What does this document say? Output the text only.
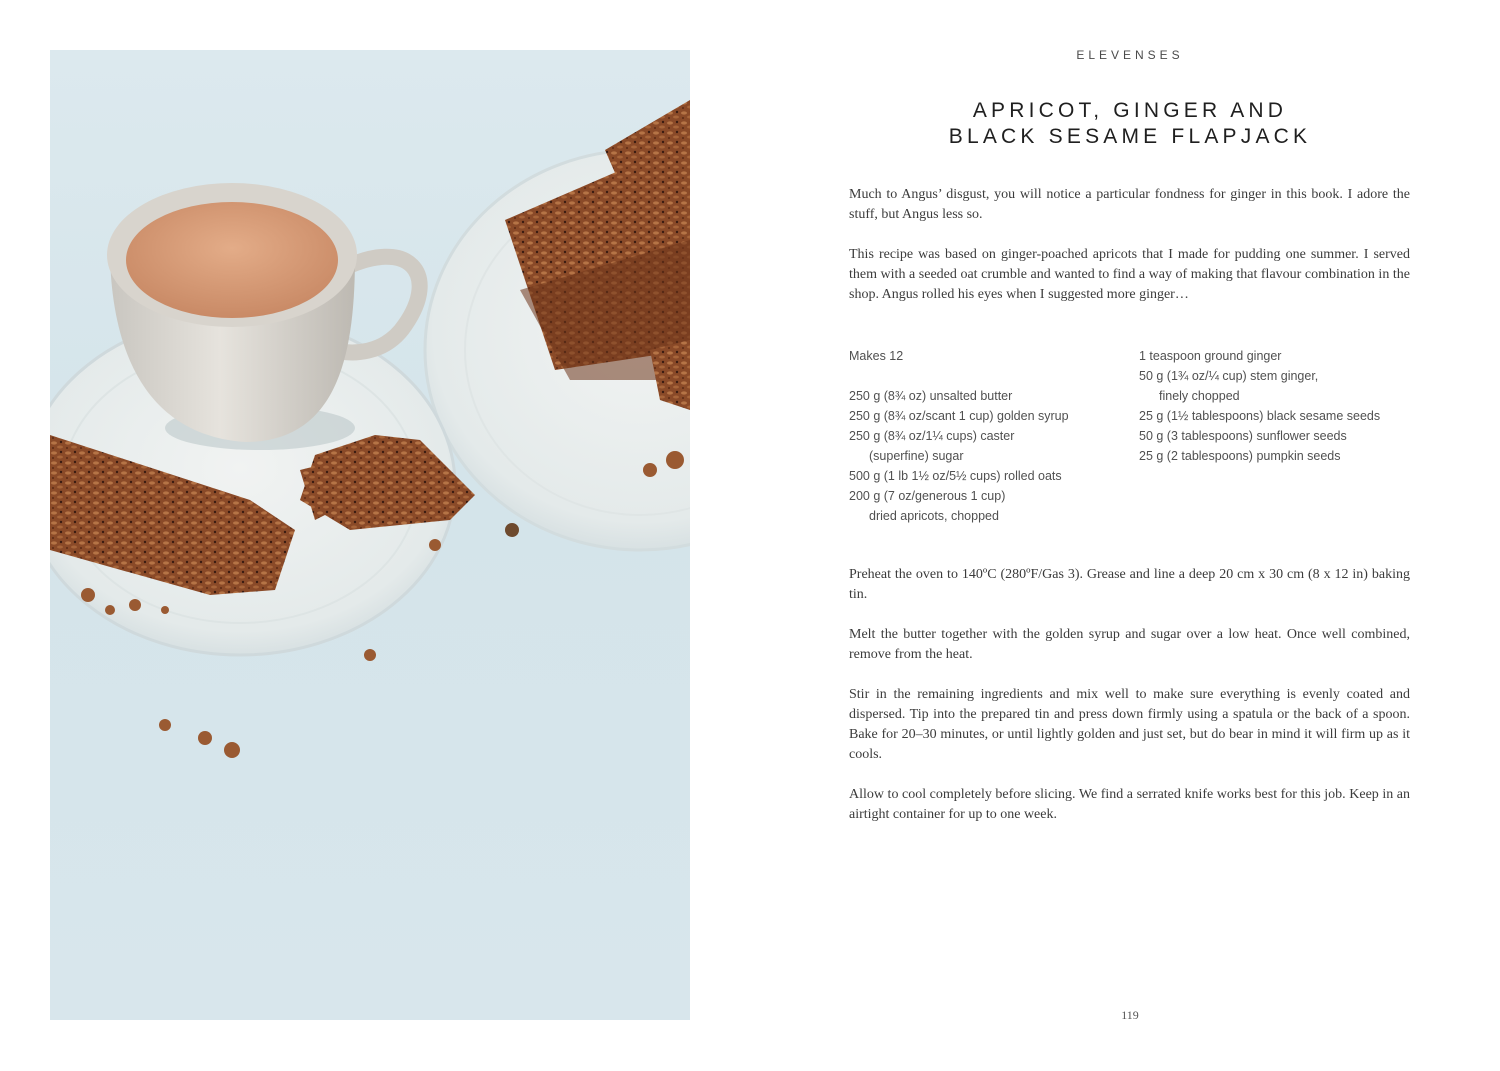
ELEVENSES
APRICOT, GINGER AND
BLACK SESAME FLAPJACK

Much to Angus’ disgust, you will notice a particular fondness for ginger in this book. I adore the stuff, but Angus less so.

This recipe was based on ginger-poached apricots that I made for pudding one summer. I served them with a seeded oat crumble and wanted to find a way of making that flavour combination in the shop. Angus rolled his eyes when I suggested more ginger…

Makes 12
250 g (8¾ oz) unsalted butter
250 g (8¾ oz/scant 1 cup) golden syrup
250 g (8¾ oz/1¼ cups) caster
(superfine) sugar
500 g (1 lb 1½ oz/5½ cups) rolled oats
200 g (7 oz/generous 1 cup)
dried apricots, chopped
1 teaspoon ground ginger
50 g (1¾ oz/¼ cup) stem ginger,
finely chopped
25 g (1½ tablespoons) black sesame seeds
50 g (3 tablespoons) sunflower seeds
25 g (2 tablespoons) pumpkin seeds

Preheat the oven to 140ºC (280ºF/Gas 3). Grease and line a deep 20 cm x 30 cm (8 x 12 in) baking tin.

Melt the butter together with the golden syrup and sugar over a low heat. Once well combined, remove from the heat.

Stir in the remaining ingredients and mix well to make sure everything is evenly coated and dispersed. Tip into the prepared tin and press down firmly using a spatula or the back of a spoon. Bake for 20–30 minutes, or until lightly golden and just set, but do bear in mind it will firm up as it cools.

Allow to cool completely before slicing. We find a serrated knife works best for this job. Keep in an airtight container for up to one week.

119
